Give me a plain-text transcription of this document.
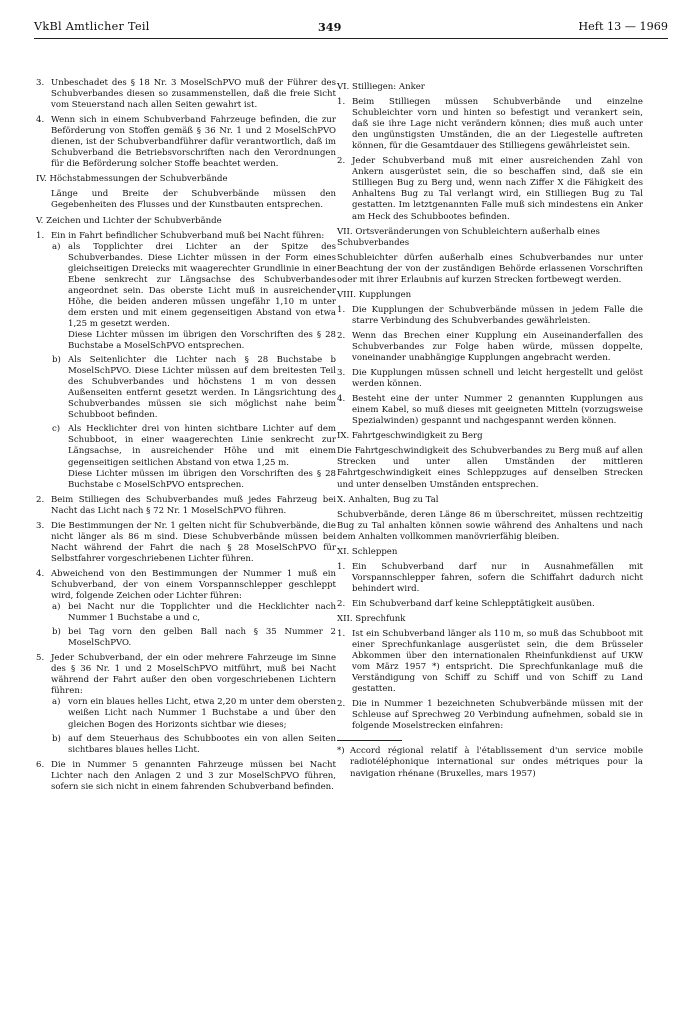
VkBl Amtlicher Teil	349	Heft 13 — 1969
3. Unbeschadet des § 18 Nr. 3 MoselSchPVO muß der Führer des Schubverbandes diesen so zusammenstellen, daß die freie Sicht vom Steuerstand nach allen Seiten gewahrt ist.

4. Wenn sich in einem Schubverband Fahrzeuge befinden, die zur Beförderung von Stoffen gemäß § 36 Nr. 1 und 2 MoselSchPVO dienen, ist der Schubverbandführer dafür verantwortlich, daß im Schubverband die Betriebsvorschriften nach den Verordnungen für die Beförderung solcher Stoffe beachtet werden.

IV. Höchstabmessungen der Schubverbände

Länge und Breite der Schubverbände müssen den Gegebenheiten des Flusses und der Kunstbauten entsprechen.

V. Zeichen und Lichter der Schubverbände
1. Ein in Fahrt befindlicher Schubverband muß bei Nacht führen:

a) als Topplichter drei Lichter an der Spitze des Schubverbandes. Diese Lichter müssen in der Form eines gleichseitigen Dreiecks mit waagerechter Grundlinie in einer Ebene senkrecht zur Längsachse des Schubverbandes angeordnet sein. Das oberste Licht muß in ausreichender Höhe, die beiden anderen müssen ungefähr 1,10 m unter dem ersten und mit einem gegenseitigen Abstand von etwa 1,25 m gesetzt werden.

Diese Lichter müssen im übrigen den Vorschriften des § 28 Buchstabe a MoselSchPVO entsprechen.

b) Als Seitenlichter die Lichter nach § 28 Buchstabe b MoselSchPVO. Diese Lichter müssen auf dem breitesten Teil des Schubverbandes und höchstens 1 m von dessen Außenseiten entfernt gesetzt werden. In Längsrichtung des Schubverbandes müssen sie sich möglichst nahe beim Schubboot befinden.

c) Als Hecklichter drei von hinten sichtbare Lichter auf dem Schubboot, in einer waagerechten Linie senkrecht zur Längsachse, in ausreichender Höhe und mit einem gegenseitigen seitlichen Abstand von etwa 1,25 m.

Diese Lichter müssen im übrigen den Vorschriften des § 28 Buchstabe c MoselSchPVO entsprechen.

2. Beim Stilliegen des Schubverbandes muß jedes Fahrzeug bei Nacht das Licht nach § 72 Nr. 1 MoselSchPVO führen.

3. Die Bestimmungen der Nr. 1 gelten nicht für Schubverbände, die nicht länger als 86 m sind. Diese Schubverbände müssen bei Nacht während der Fahrt die nach § 28 MoselSchPVO für Selbstfahrer vorgeschriebenen Lichter führen.

4. Abweichend von den Bestimmungen der Nummer 1 muß ein Schubverband, der von einem Vorspannschlepper geschleppt wird, folgende Zeichen oder Lichter führen:

a) bei Nacht nur die Topplichter und die Hecklichter nach Nummer 1 Buchstabe a und c,

b) bei Tag vorn den gelben Ball nach § 35 Nummer 2 MoselSchPVO.

5. Jeder Schubverband, der ein oder mehrere Fahrzeuge im Sinne des § 36 Nr. 1 und 2 MoselSchPVO mitführt, muß bei Nacht während der Fahrt außer den oben vorgeschriebenen Lichtern führen:

a) vorn ein blaues helles Licht, etwa 2,20 m unter dem obersten weißen Licht nach Nummer 1 Buchstabe a und über den gleichen Bogen des Horizonts sichtbar wie dieses;

b) auf dem Steuerhaus des Schubbootes ein von allen Seiten sichtbares blaues helles Licht.

6. Die in Nummer 5 genannten Fahrzeuge müssen bei Nacht Lichter nach den Anlagen 2 und 3 zur MoselSchPVO führen, sofern sie sich nicht in einem fahrenden Schubverband befinden.

VI. Stilliegen: Anker
1. Beim Stilliegen müssen Schubverbände und einzelne Schubleichter vorn und hinten so befestigt und verankert sein, daß sie ihre Lage nicht verändern können; dies muß auch unter den ungünstigsten Umständen, die an der Liegestelle auftreten können, für die Gesamtdauer des Stilliegens gewährleistet sein.

2. Jeder Schubverband muß mit einer ausreichenden Zahl von Ankern ausgerüstet sein, die so beschaffen sind, daß sie ein Stilliegen Bug zu Berg und, wenn nach Ziffer X die Fähigkeit des Anhaltens Bug zu Tal verlangt wird, ein Stilliegen Bug zu Tal gestatten. Im letztgenannten Falle muß sich mindestens ein Anker am Heck des Schubbootes befinden.

VII. Ortsveränderungen von Schubleichtern außerhalb eines Schubverbandes

Schubleichter dürfen außerhalb eines Schubverbandes nur unter Beachtung der von der zuständigen Behörde erlassenen Vorschriften oder mit ihrer Erlaubnis auf kurzen Strecken fortbewegt werden.

VIII. Kupplungen
1. Die Kupplungen der Schubverbände müssen in jedem Falle die starre Verbindung des Schubverbandes gewährleisten.

2. Wenn das Brechen einer Kupplung ein Auseinanderfallen des Schubverbandes zur Folge haben würde, müssen doppelte, voneinander unabhängige Kupplungen angebracht werden.

3. Die Kupplungen müssen schnell und leicht hergestellt und gelöst werden können.

4. Besteht eine der unter Nummer 2 genannten Kupplungen aus einem Kabel, so muß dieses mit geeigneten Mitteln (vorzugsweise Spezialwinden) gespannt und nachgespannt werden können.

IX. Fahrtgeschwindigkeit zu Berg

Die Fahrtgeschwindigkeit des Schubverbandes zu Berg muß auf allen Strecken und unter allen Umständen der mittleren Fahrtgeschwindigkeit eines Schleppzuges auf denselben Strecken und unter denselben Umständen entsprechen.

X. Anhalten, Bug zu Tal

Schubverbände, deren Länge 86 m überschreitet, müssen rechtzeitig Bug zu Tal anhalten können sowie während des Anhaltens und nach dem Anhalten vollkommen manövrierfähig bleiben.

XI. Schleppen
1. Ein Schubverband darf nur in Ausnahmefällen mit Vorspannschlepper fahren, sofern die Schiffahrt dadurch nicht behindert wird.

2. Ein Schubverband darf keine Schlepptätigkeit ausüben.

XII. Sprechfunk
1. Ist ein Schubverband länger als 110 m, so muß das Schubboot mit einer Sprechfunkanlage ausgerüstet sein, die dem Brüsseler Abkommen über den internationalen Rheinfunkdienst auf UKW vom März 1957 *) entspricht. Die Sprechfunkanlage muß die Verständigung von Schiff zu Schiff und von Schiff zu Land gestatten.

2. Die in Nummer 1 bezeichneten Schubverbände müssen mit der Schleuse auf Sprechweg 20 Verbindung aufnehmen, sobald sie in folgende Moselstrecken einfahren:

*) Accord régional relatif à l'établissement d'un service mobile radiotéléphonique international sur ondes métriques pour la navigation rhénane (Bruxelles, mars 1957)
